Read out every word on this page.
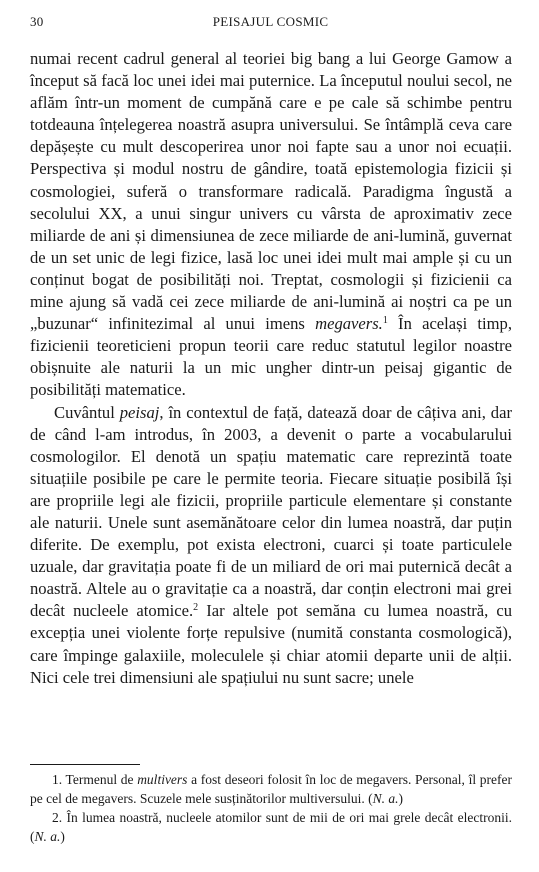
30	PEISAJUL COSMIC

numai recent cadrul general al teoriei big bang a lui George Gamow a început să facă loc unei idei mai puternice. La începutul noului secol, ne aflăm într-un moment de cumpănă care e pe cale să schimbe pentru totdeauna înțelegerea noastră asupra universului. Se întâmplă ceva care depășește cu mult descoperirea unor noi fapte sau a unor noi ecuații. Perspectiva și modul nostru de gândire, toată epistemologia fizicii și cosmologiei, suferă o transformare radicală. Paradigma îngustă a secolului XX, a unui singur univers cu vârsta de aproximativ zece miliarde de ani și dimensiunea de zece miliarde de ani-lumină, guvernat de un set unic de legi fizice, lasă loc unei idei mult mai ample și cu un conținut bogat de posibilități noi. Treptat, cosmologii și fizicienii ca mine ajung să vadă cei zece miliarde de ani-lumină ai noștri ca pe un „buzunar“ infinitezimal al unui imens megavers.$^1$ În același timp, fizicienii teoreticieni propun teorii care reduc statutul legilor noastre obișnuite ale naturii la un mic ungher dintr-un peisaj gigantic de posibilități matematice.

Cuvântul peisaj, în contextul de față, datează doar de câțiva ani, dar de când l-am introdus, în 2003, a devenit o parte a vocabularului cosmologilor. El denotă un spațiu matematic care reprezintă toate situațiile posibile pe care le permite teoria. Fiecare situație posibilă își are propriile legi ale fizicii, propriile particule elementare și constante ale naturii. Unele sunt asemănătoare celor din lumea noastră, dar puțin diferite. De exemplu, pot exista electroni, cuarci și toate particulele uzuale, dar gravitația poate fi de un miliard de ori mai puternică decât a noastră. Altele au o gravitație ca a noastră, dar conțin electroni mai grei decât nucleele atomice.$^2$ Iar altele pot semăna cu lumea noastră, cu excepția unei violente forțe repulsive (numită constanta cosmologică), care împinge galaxiile, moleculele și chiar atomii departe unii de alții. Nici cele trei dimensiuni ale spațiului nu sunt sacre; unele

1. Termenul de multivers a fost deseori folosit în loc de megavers. Personal, îl prefer pe cel de megavers. Scuzele mele susținătorilor multiversului. (N. a.)

2. În lumea noastră, nucleele atomilor sunt de mii de ori mai grele decât electronii. (N. a.)
